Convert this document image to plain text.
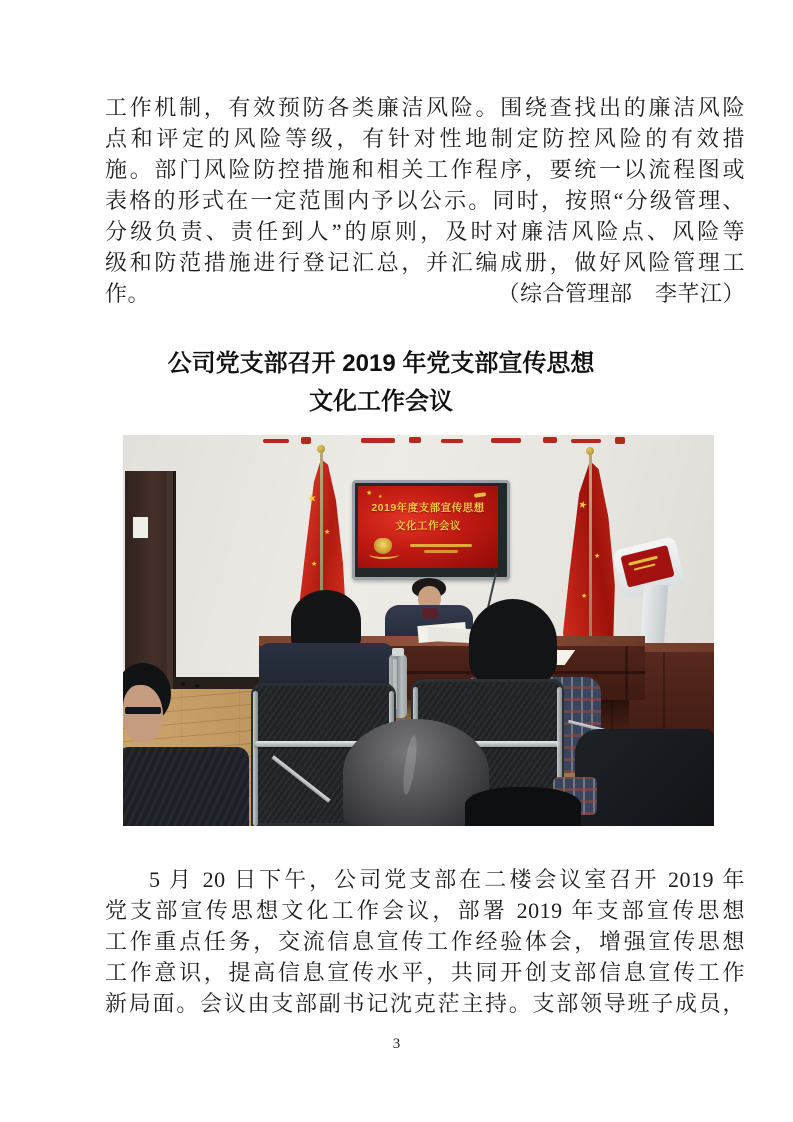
工作机制，有效预防各类廉洁风险。围绕查找出的廉洁风险
点和评定的风险等级，有针对性地制定防控风险的有效措
施。部门风险防控措施和相关工作程序，要统一以流程图或
表格的形式在一定范围内予以公示。同时，按照“分级管理、
分级负责、责任到人”的原则，及时对廉洁风险点、风险等
级和防范措施进行登记汇总，并汇编成册，做好风险管理工
作。	（综合管理部　李芊江）
公司党支部召开 2019 年党支部宣传思想
文化工作会议
★
★
★
★
★
★
★ ★
2019年度支部宣传思想
文化工作会议
5 月 20 日下午，公司党支部在二楼会议室召开 2019 年
党支部宣传思想文化工作会议，部署 2019 年支部宣传思想
工作重点任务，交流信息宣传工作经验体会，增强宣传思想
工作意识，提高信息宣传水平，共同开创支部信息宣传工作
新局面。会议由支部副书记沈克茫主持。支部领导班子成员，
3
